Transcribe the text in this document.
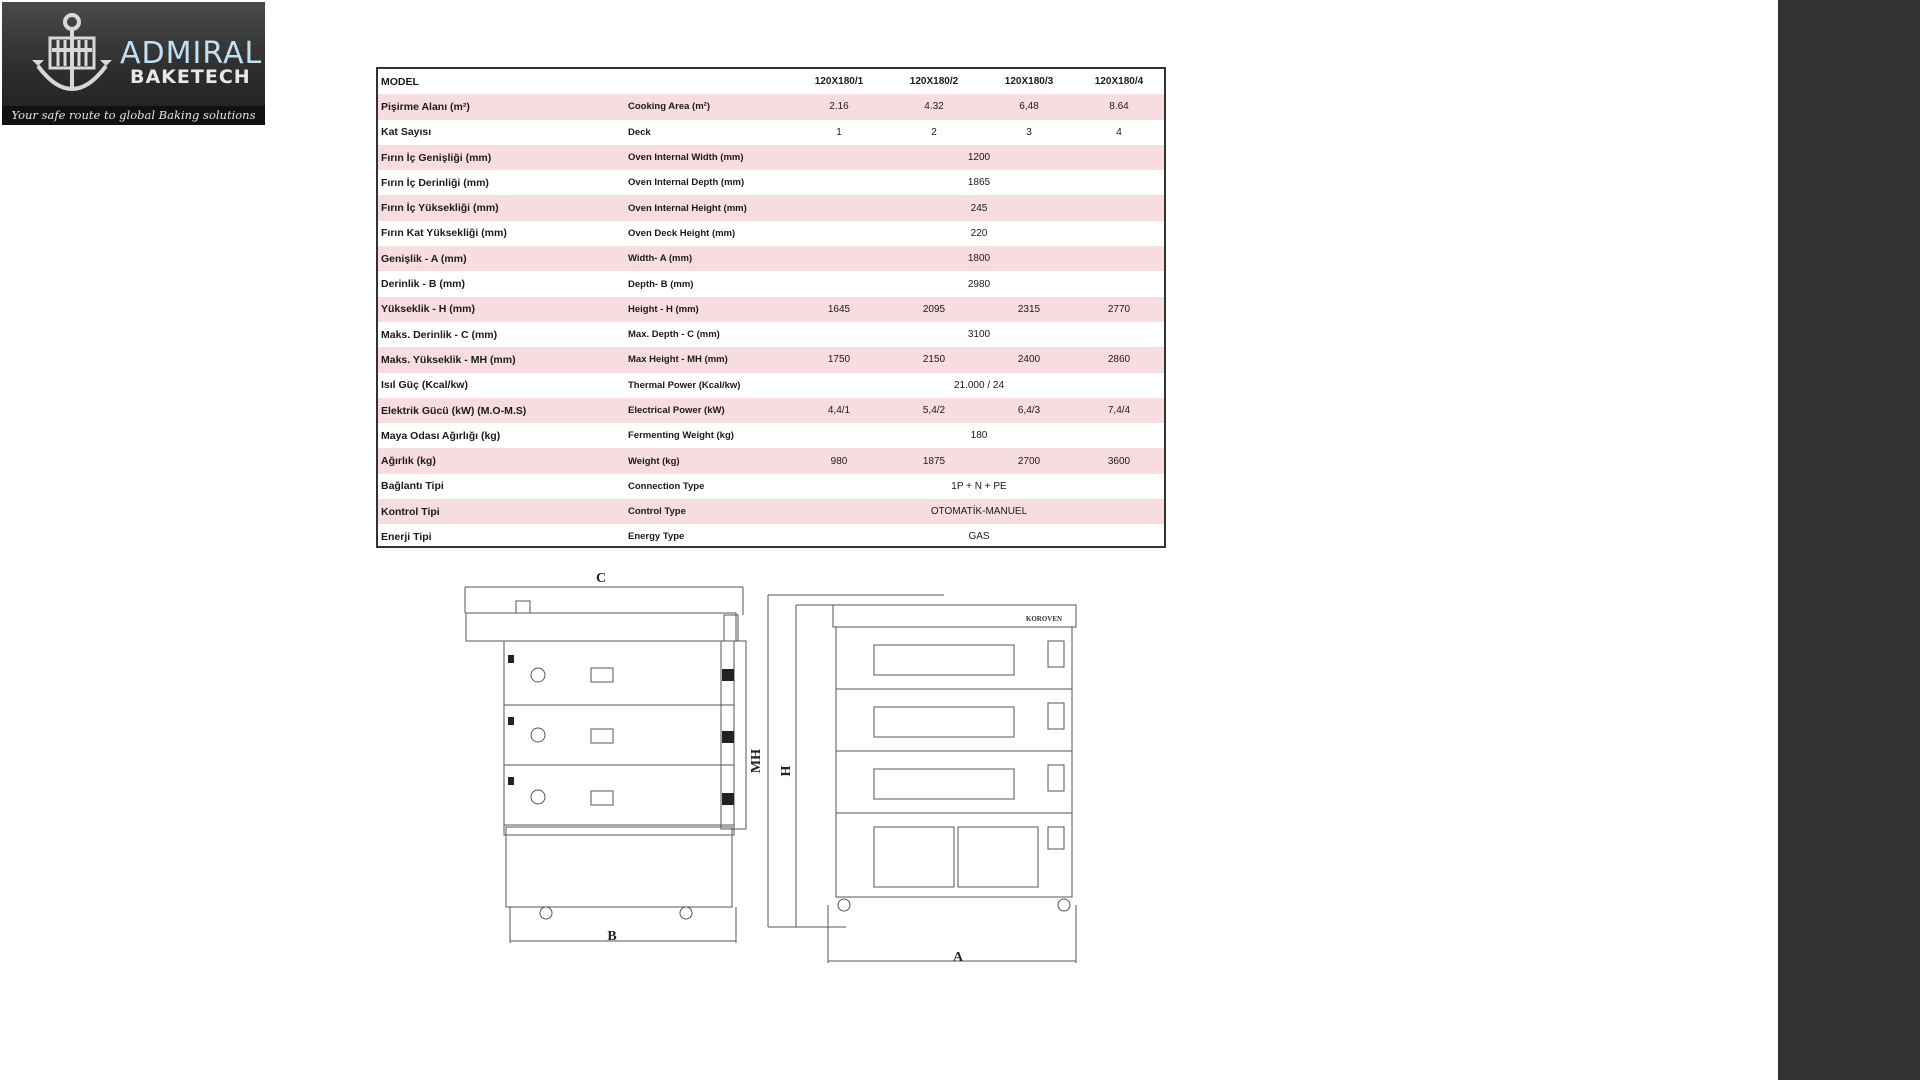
ADMIRAL
BAKETECH
Your safe route to global Baking solutions
MODEL		120X180/1	120X180/2	120X180/3	120X180/4
Pişirme Alanı (m²)	Cooking Area (m²)	2.16	4.32	6,48	8.64
Kat Sayısı	Deck	1	2	3	4
Fırın İç Genişliği (mm)	Oven Internal Width (mm)	1200			
Fırın İç Derinliği (mm)	Oven Internal Depth (mm)	1865			
Fırın İç Yüksekliği (mm)	Oven Internal Height (mm)	245			
Fırın Kat Yüksekliği (mm)	Oven Deck Height (mm)	220			
Genişlik - A (mm)	Width- A (mm)	1800			
Derinlik - B (mm)	Depth- B (mm)	2980			
Yükseklik - H (mm)	Height - H (mm)	1645	2095	2315	2770
Maks. Derinlik - C (mm)	Max. Depth - C (mm)	3100			
Maks. Yükseklik - MH (mm)	Max Height - MH (mm)	1750	2150	2400	2860
Isıl Güç (Kcal/kw)	Thermal Power (Kcal/kw)	21.000 / 24			
Elektrik Gücü (kW) (M.O-M.S)	Electrical Power (kW)	4,4/1	5,4/2	6,4/3	7,4/4
Maya Odası Ağırlığı (kg)	Fermenting Weight (kg)	180			
Ağırlık (kg)	Weight (kg)	980	1875	2700	3600
Bağlantı Tipi	Connection Type	1P + N + PE			
Kontrol Tipi	Control Type	OTOMATİK-MANUEL			
Enerji Tipi	Energy Type	GAS			
C
B
MH H
A
KOROVEN
